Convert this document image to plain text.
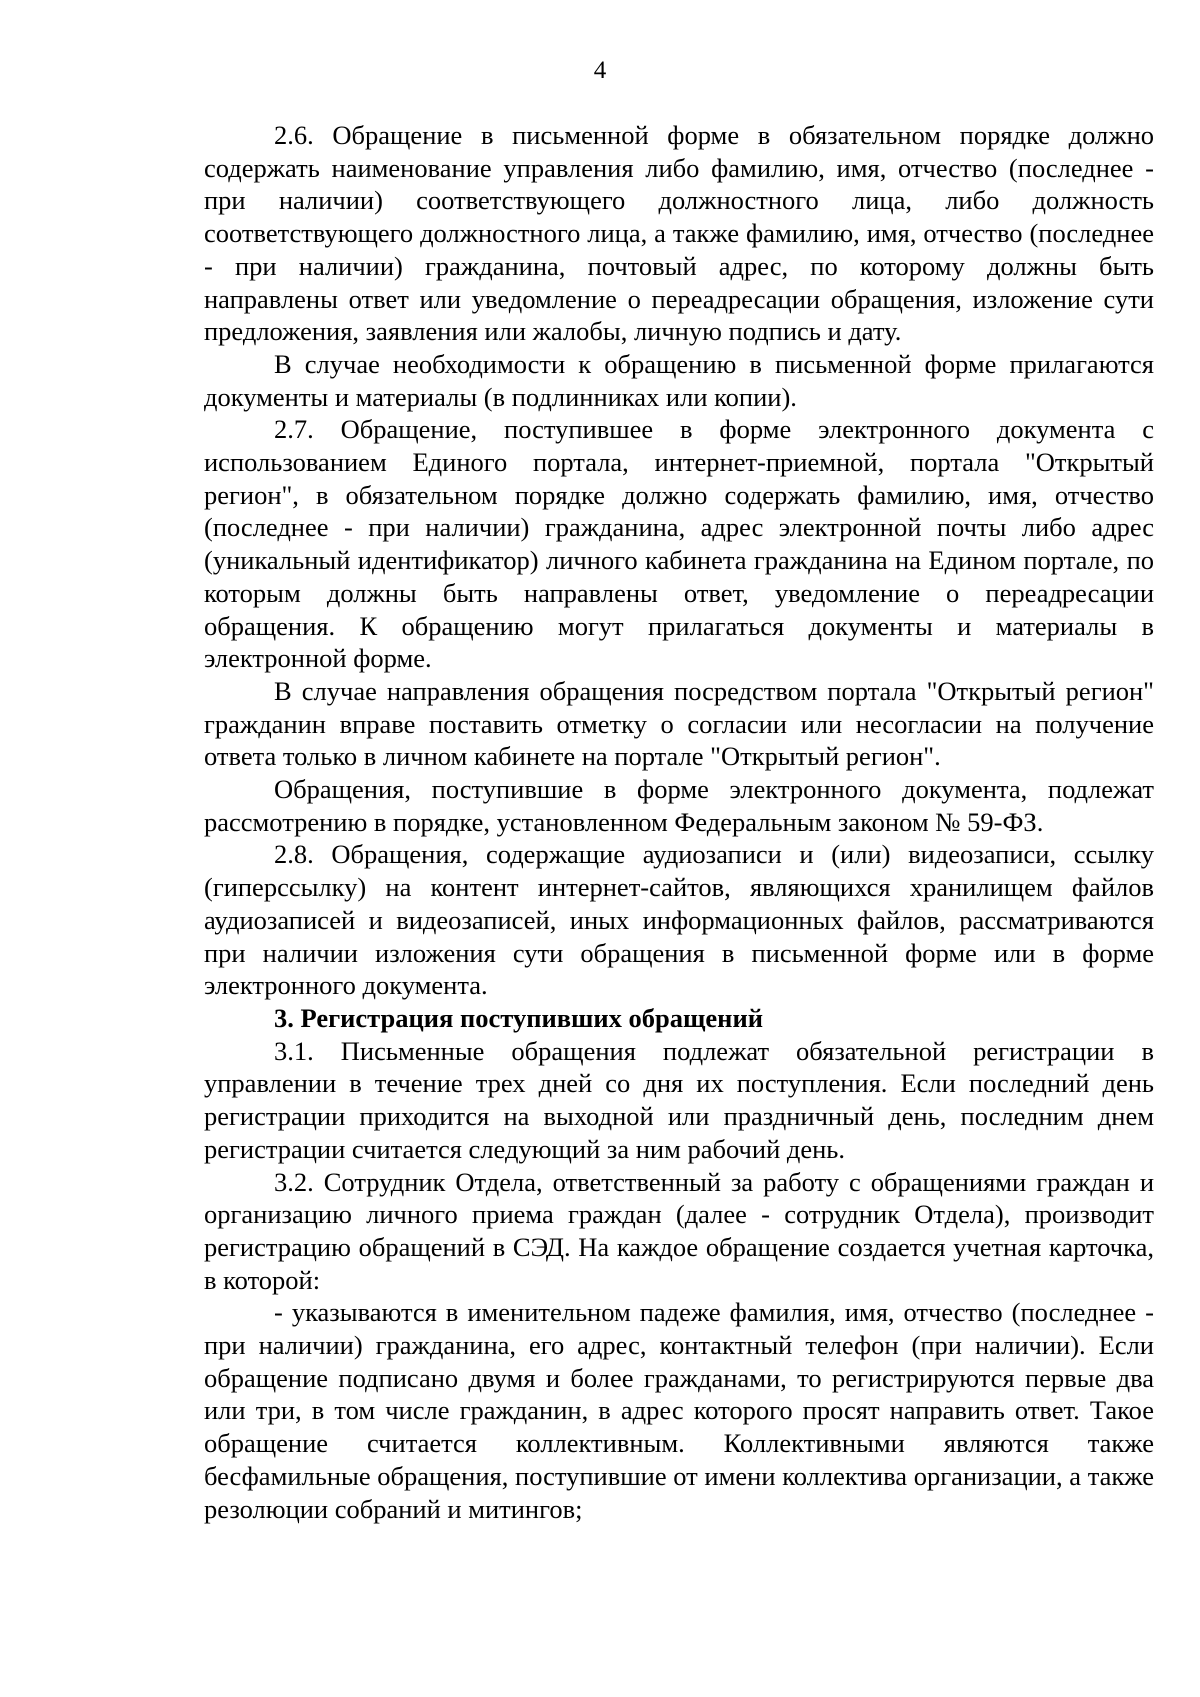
4

2.6. Обращение в письменной форме в обязательном порядке должно содержать наименование управления либо фамилию, имя, отчество (последнее - при наличии) соответствующего должностного лица, либо должность соответствующего должностного лица, а также фамилию, имя, отчество (последнее - при наличии) гражданина, почтовый адрес, по которому должны быть направлены ответ или уведомление о переадресации обращения, изложение сути предложения, заявления или жалобы, личную подпись и дату.

В случае необходимости к обращению в письменной форме прилагаются документы и материалы (в подлинниках или копии).

2.7. Обращение, поступившее в форме электронного документа с использованием Единого портала, интернет-приемной, портала "Открытый регион", в обязательном порядке должно содержать фамилию, имя, отчество (последнее - при наличии) гражданина, адрес электронной почты либо адрес (уникальный идентификатор) личного кабинета гражданина на Едином портале, по которым должны быть направлены ответ, уведомление о переадресации обращения. К обращению могут прилагаться документы и материалы в электронной форме.

В случае направления обращения посредством портала "Открытый регион" гражданин вправе поставить отметку о согласии или несогласии на получение ответа только в личном кабинете на портале "Открытый регион".

Обращения, поступившие в форме электронного документа, подлежат рассмотрению в порядке, установленном Федеральным законом № 59-ФЗ.

2.8. Обращения, содержащие аудиозаписи и (или) видеозаписи, ссылку (гиперссылку) на контент интернет-сайтов, являющихся хранилищем файлов аудиозаписей и видеозаписей, иных информационных файлов, рассматриваются при наличии изложения сути обращения в письменной форме или в форме электронного документа.

3. Регистрация поступивших обращений

3.1. Письменные обращения подлежат обязательной регистрации в управлении в течение трех дней со дня их поступления. Если последний день регистрации приходится на выходной или праздничный день, последним днем регистрации считается следующий за ним рабочий день.

3.2. Сотрудник Отдела, ответственный за работу с обращениями граждан и организацию личного приема граждан (далее - сотрудник Отдела), производит регистрацию обращений в СЭД. На каждое обращение создается учетная карточка, в которой:

- указываются в именительном падеже фамилия, имя, отчество (последнее - при наличии) гражданина, его адрес, контактный телефон (при наличии). Если обращение подписано двумя и более гражданами, то регистрируются первые два или три, в том числе гражданин, в адрес которого просят направить ответ. Такое обращение считается коллективным. Коллективными являются также бесфамильные обращения, поступившие от имени коллектива организации, а также резолюции собраний и митингов;
